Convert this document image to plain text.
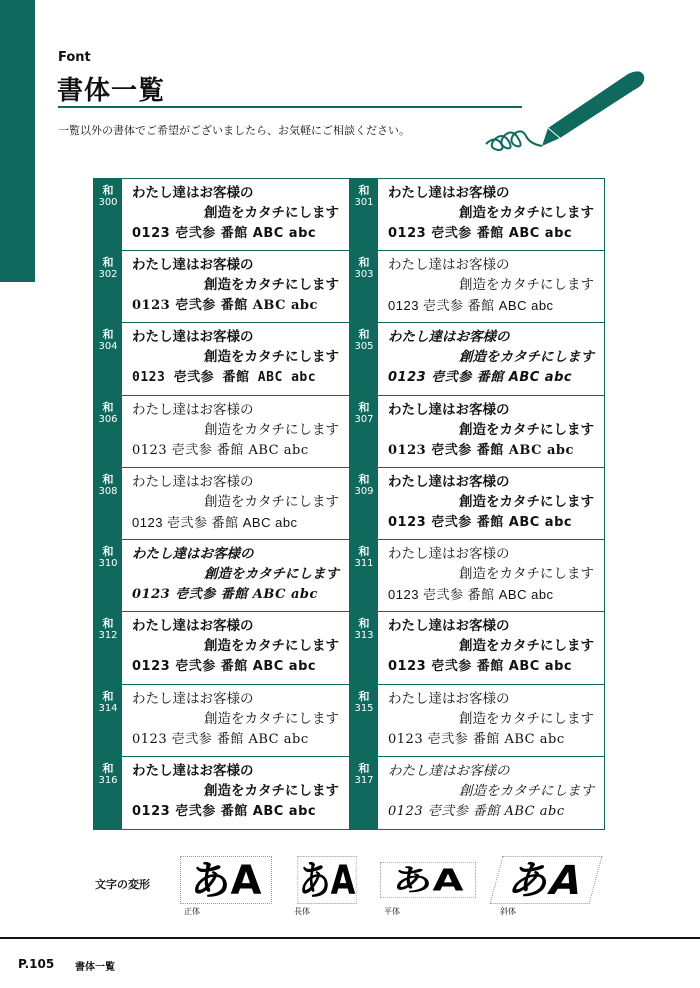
Font
書体一覧
一覧以外の書体でご希望がございましたら、お気軽にご相談ください。
和
300
わたし達はお客様の
創造をカタチにします
0123 壱弐参 番館 ABC abc
和
301
わたし達はお客様の
創造をカタチにします
0123 壱弐参 番館 ABC abc
和
302
わたし達はお客様の
創造をカタチにします
0123 壱弐参 番館 ABC abc
和
303
わたし達はお客様の
創造をカタチにします
0123 壱弐参 番館 ABC abc
和
304
わたし達はお客様の
創造をカタチにします
0123 壱弐参 番館 ABC abc
和
305
わたし達はお客様の
創造をカタチにします
0123 壱弐参 番館 ABC abc
和
306
わたし達はお客様の
創造をカタチにします
0123 壱弐参 番館 ABC abc
和
307
わたし達はお客様の
創造をカタチにします
0123 壱弐参 番館 ABC abc
和
308
わたし達はお客様の
創造をカタチにします
0123 壱弐参 番館 ABC abc
和
309
わたし達はお客様の
創造をカタチにします
0123 壱弐参 番館 ABC abc
和
310
わたし達はお客様の
創造をカタチにします
0123 壱弐参 番館 ABC abc
和
311
わたし達はお客様の
創造をカタチにします
0123 壱弐参 番館 ABC abc
和
312
わたし達はお客様の
創造をカタチにします
0123 壱弐参 番館 ABC abc
和
313
わたし達はお客様の
創造をカタチにします
0123 壱弐参 番館 ABC abc
和
314
わたし達はお客様の
創造をカタチにします
0123 壱弐参 番館 ABC abc
和
315
わたし達はお客様の
創造をカタチにします
0123 壱弐参 番館 ABC abc
和
316
わたし達はお客様の
創造をカタチにします
0123 壱弐参 番館 ABC abc
和
317
わたし達はお客様の
創造をカタチにします
0123 壱弐参 番館 ABC abc
文字の変形 あA
正体
あA
長体
あA
平体
あA
斜体
P.105 書体一覧
